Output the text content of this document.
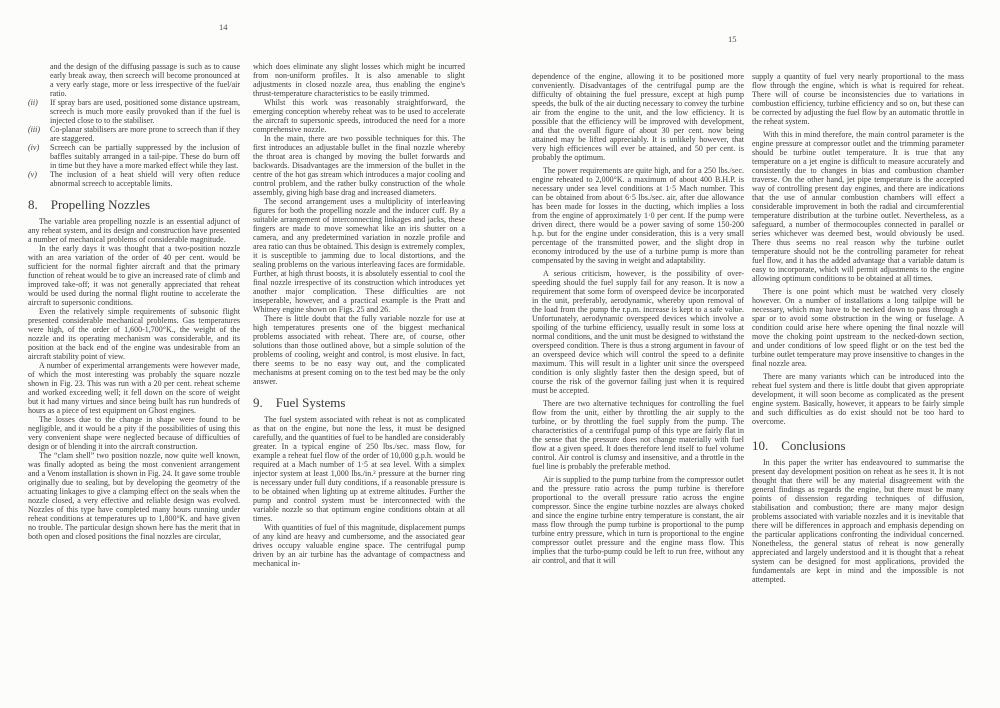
14
15
and the design of the diffusing passage is such as to cause early break away, then screech will become pronounced at a very early stage, more or less irrespective of the fuel/air ratio.
(ii)	If spray bars are used, positioned some distance upstream, screech is much more easily provoked than if the fuel is injected close to to the stabiliser.
(iii)	Co-planar stabilisers are more prone to screech than if they are staggered.
(iv)	Screech can be partially suppressed by the inclusion of baffles suitably arranged in a tail-pipe. These do burn off in time but they have a more marked effect while they last.
(v)	The inclusion of a heat shield will very often reduce abnormal screech to acceptable limits.
8. Propelling Nozzles
The variable area propelling nozzle is an essential adjunct of any reheat system, and its design and construction have presented a number of mechanical problems of considerable magnitude.
In the early days it was thought that a two-position nozzle with an area variation of the order of 40 per cent. would be sufficient for the normal fighter aircraft and that the primary function of reheat would be to give an increased rate of climb and improved take-off; it was not generally appreciated that reheat would be used during the normal flight routine to accelerate the aircraft to supersonic conditions.
Even the relatively simple requirements of subsonic flight presented considerable mechanical problems. Gas temperatures were high, of the order of 1,600-1,700°K., the weight of the nozzle and its operating mechanism was considerable, and its position at the back end of the engine was undesirable from an aircraft stability point of view.
A number of experimental arrangements were however made, of which the most interesting was probably the square nozzle shown in Fig. 23. This was run with a 20 per cent. reheat scheme and worked exceeding well; it fell down on the score of weight but it had many virtues and since being built has run hundreds of hours as a piece of test equipment on Ghost engines.
The losses due to the change in shape were found to be negligible, and it would be a pity if the possibilities of using this very convenient shape were neglected because of difficulties of design or of blending it into the aircraft construction.
The “clam shell” two position nozzle, now quite well known, was finally adopted as being the most convenient arrangement and a Venom installation is shown in Fig. 24. It gave some trouble originally due to sealing, but by developing the geometry of the actuating linkages to give a clamping effect on the seals when the nozzle closed, a very effective and reliable design was evolved. Nozzles of this type have completed many hours running under reheat conditions at temperatures up to 1,800°K. and have given no trouble. The particular design shown here has the merit that in both open and closed positions the final nozzles are circular,
which does eliminate any slight losses which might be incurred from non-uniform profiles. It is also amenable to slight adjustments in closed nozzle area, thus enabling the engine's thrust-temperature characteristics to be easily trimmed.
Whilst this work was reasonably straightforward, the emerging conception whereby reheat was to be used to accelerate the aircraft to supersonic speeds, introduced the need for a more comprehensive nozzle.
In the main, there are two possible techniques for this. The first introduces an adjustable bullet in the final nozzle whereby the throat area is changed by moving the bullet forwards and backwards. Disadvantages are the immersion of the bullet in the centre of the hot gas stream which introduces a major cooling and control problem, and the rather bulky construction of the whole assembly, giving high base drag and increased diameters.
The second arrangement uses a multiplicity of interleaving figures for both the propelling nozzle and the inducer cuff. By a suitable arrangement of interconnecting linkages and jacks, these fingers are made to move somewhat like an iris shutter on a camera, and any predetermined variation in nozzle profile and area ratio can thus be obtained. This design is extremely complex, it is susceptible to jamming due to local distortions, and the sealing problems on the various interleaving faces are formidable. Further, at high thrust boosts, it is absolutely essential to cool the final nozzle irrespective of its construction which introduces yet another major complication. These difficulties are not inseperable, however, and a practical example is the Pratt and Whitney engine shown on Figs. 25 and 26.
There is little doubt that the fully variable nozzle for use at high temperatures presents one of the biggest mechanical problems associated with reheat. There are, of course, other solutions than those outlined above, but a simple solution of the problems of cooling, weight and control, is most elusive. In fact, there seems to be no easy way out, and the complicated mechanisms at present coming on to the test bed may be the only answer.
9. Fuel Systems
The fuel system associated with reheat is not as complicated as that on the engine, but none the less, it must be designed carefully, and the quantities of fuel to be handled are considerably greater. In a typical engine of 250 lbs./sec. mass flow, for example a reheat fuel flow of the order of 10,000 g.p.h. would be required at a Mach number of 1·5 at sea level. With a simplex injector system at least 1,000 lbs./in.² pressure at the burner ring is necessary under full duty conditions, if a reasonable pressure is to be obtained when lighting up at extreme altitudes. Further the pump and control system must be interconnected with the variable nozzle so that optimum engine conditions obtain at all times.
With quantities of fuel of this magnitude, displacement pumps of any kind are heavy and cumbersome, and the associated gear drives occupy valuable engine space. The centrifugal pump driven by an air turbine has the advantage of compactness and mechanical in-
dependence of the engine, allowing it to be positioned more conveniently. Disadvantages of the centrifugal pump are the difficulty of obtaining the fuel pressure, except at high pump speeds, the bulk of the air ducting necessary to convey the turbine air from the engine to the unit, and the low efficiency. It is possible that the efficiency will be improved with development, and that the overall figure of about 30 per cent. now being attained may be lifted appreciably. It is unlikely however, that very high efficiences will ever be attained, and 50 per cent. is probably the optimum.
The power requirements are quite high, and for a 250 lbs./sec. engine reheated to 2,000°K. a maximum of about 400 B.H.P. is necessary under sea level conditions at 1·5 Mach number. This can be obtained from about 6·5 lbs./sec. air, after due allowance has been made for losses in the ducting, which implies a loss from the engine of approximately 1·0 per cent. If the pump were driven direct, there would be a power saving of some 150-200 h.p. but for the engine under consideration, this is a very small percentage of the transmitted power, and the slight drop in economy introduced by the use of a turbine pump is more than compensated by the saving in weight and adaptability.
A serious criticism, however, is the possibility of over-speeding should the fuel supply fail for any reason. It is now a requirement that some form of overspeed device be incorporated in the unit, preferably, aerodynamic, whereby upon removal of the load from the pump the r.p.m. increase is kept to a safe value. Unfortunately, aerodynamic overspeed devices which involve a spoiling of the turbine efficiency, usually result in some loss at normal conditions, and the unit must be designed to withstand the overspeed condition. There is thus a strong argument in favour of an overspeed device which will control the speed to a definite maximum. This will result in a lighter unit since the overspeed condition is only slightly faster then the design speed, but of course the risk of the governor failing just when it is required must be accepted.
There are two alternative techniques for controlling the fuel flow from the unit, either by throttling the air supply to the turbine, or by throttling the fuel supply from the pump. The characteristics of a centrifugal pump of this type are fairly flat in the sense that the pressure does not change materially with fuel flow at a given speed. It does therefore lend itself to fuel volume control. Air control is clumsy and insensitive, and a throttle in the fuel line is probably the preferable method.
Air is supplied to the pump turbine from the compressor outlet and the pressure ratio across the pump turbine is therefore proportional to the overall pressure ratio across the engine compressor. Since the engine turbine nozzles are always choked and since the engine turbine entry temperature is constant, the air mass flow through the pump turbine is proportional to the pump turbine entry pressure, which in turn is proportional to the engine compressor outlet pressure and the engine mass flow. This implies that the turbo-pump could be left to run free, without any air control, and that it will
supply a quantity of fuel very nearly proportional to the mass flow through the engine, which is what is required for reheat. There will of course be inconsistencies due to variations in combustion efficiency, turbine efficiency and so on, but these can be corrected by adjusting the fuel flow by an automatic throttle in the reheat system.
With this in mind therefore, the main control parameter is the engine pressure at compressor outlet and the trimming parameter should be turbine outlet temperature. It is true that any temperature on a jet engine is difficult to measure accurately and consistently due to changes in bias and combustion chamber traverse. On the other hand, jet pipe temperature is the accepted way of controlling present day engines, and there are indications that the use of annular combustion chambers will effect a considerable improvement in both the radial and circumferential temperature distribution at the turbine outlet. Nevertheless, as a safeguard, a number of thermocouples connected in parallel or series whichever was deemed best, would obviously be used. There thus seems no real reason why the turbine outlet temperature should not be the controlling parameter for reheat fuel flow, and it has the added advantage that a variable datum is easy to incorporate, which will permit adjustments to the engine allowing optimum conditions to be obtained at all times.
There is one point which must be watched very closely however. On a number of installations a long tailpipe will be necessary, which may have to be necked down to pass through a spar or to avoid some obstruction in the wing or fuselage. A condition could arise here where opening the final nozzle will move the choking point upstream to the necked-down section, and under conditions of low speed flight or on the test bed the turbine outlet temperature may prove insensitive to changes in the final nozzle area.
There are many variants which can be introduced into the reheat fuel system and there is little doubt that given appropriate development, it will soon become as complicated as the present engine system. Basically, however, it appears to be fairly simple and such difficulties as do exist should not be too hard to overcome.
10. Conclusions
In this paper the writer has endeavoured to summarise the present day development position on reheat as he sees it. It is not thought that there will be any material disagreement with the general findings as regards the engine, but there must be many points of dissension regarding techniques of diffusion, stabilisation and combustion; there are many major design problems associated with variable nozzles and it is inevitable that there will be differences in approach and emphasis depending on the particular applications confronting the individual concerned. Nonetheless, the general status of reheat is now generally appreciated and largely understood and it is thought that a reheat system can be designed for most applications, provided the fundamentals are kept in mind and the impossible is not attempted.
